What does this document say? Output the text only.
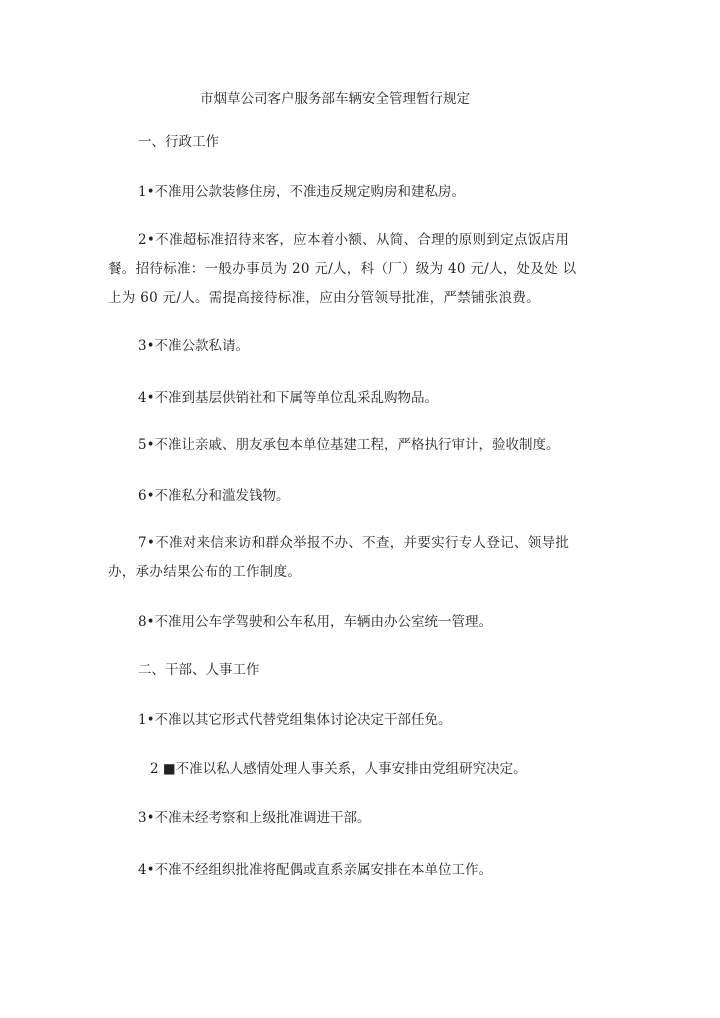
市烟草公司客户服务部车辆安全管理暂行规定
一、行政工作
1•不准用公款装修住房，不准违反规定购房和建私房。
2•不准超标准招待来客，应本着小额、从简、合理的原则到定点饭店用
餐。招待标准：一般办事员为 20 元/人，科（厂）级为 40 元/人，处及处 以
上为 60 元/人。需提高接待标准，应由分管领导批准，严禁铺张浪费。
3•不准公款私请。
4•不准到基层供销社和下属等单位乱采乱购物品。
5•不准让亲戚、朋友承包本单位基建工程，严格执行审计，验收制度。
6•不准私分和滥发钱物。
7•不准对来信来访和群众举报不办、不查，并要实行专人登记、领导批
办，承办结果公布的工作制度。
8•不准用公车学驾驶和公车私用，车辆由办公室统一管理。
二、干部、人事工作
1•不准以其它形式代替党组集体讨论决定干部任免。
2 ■不准以私人感情处理人事关系，人事安排由党组研究决定。
3•不准未经考察和上级批准调进干部。
4•不准不经组织批准将配偶或直系亲属安排在本单位工作。
